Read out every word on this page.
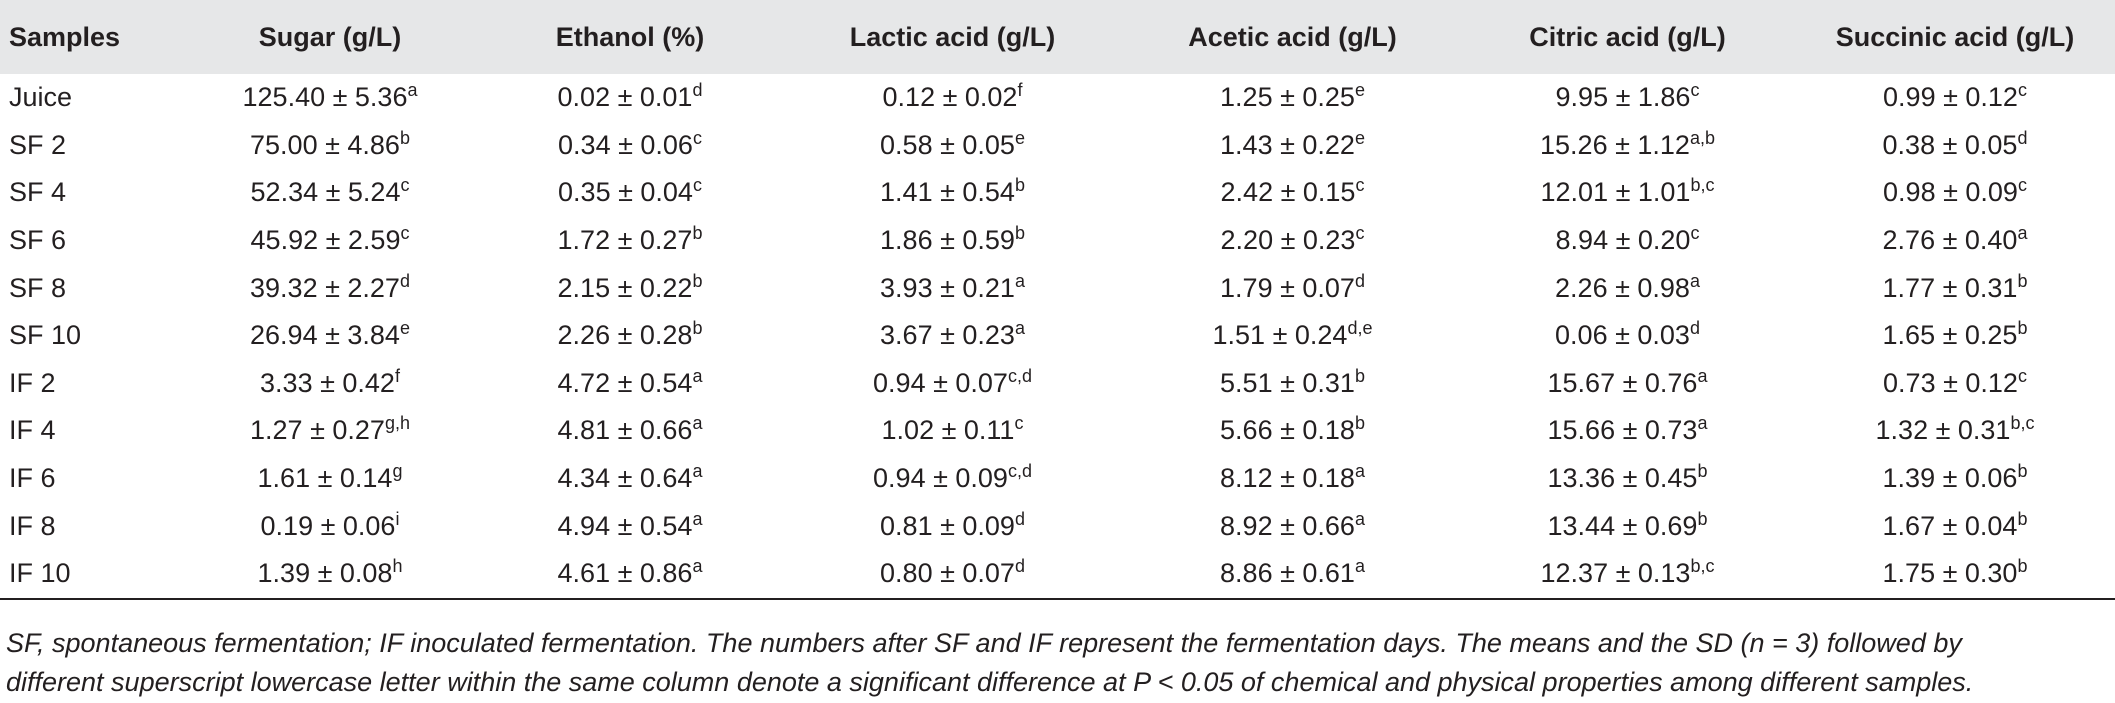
Samples	Sugar (g/L)	Ethanol (%)	Lactic acid (g/L)	Acetic acid (g/L)	Citric acid (g/L)	Succinic acid (g/L)
Juice	125.40 ± 5.36$^a$	0.02 ± 0.01$^d$	0.12 ± 0.02$^f$	1.25 ± 0.25$^e$	9.95 ± 1.86$^c$	0.99 ± 0.12$^c$
SF 2	75.00 ± 4.86$^b$	0.34 ± 0.06$^c$	0.58 ± 0.05$^e$	1.43 ± 0.22$^e$	$15.26 \pm 1.12^{a,b}$	0.38 ± 0.05$^d$
SF 4	52.34 ± 5.24$^c$	0.35 ± 0.04$^c$	1.41 ± 0.54$^b$	2.42 ± 0.15$^c$	$12.01 \pm 1.01^{b,c}$	0.98 ± 0.09$^c$
SF 6	45.92 ± 2.59$^c$	1.72 ± 0.27$^b$	1.86 ± 0.59$^b$	2.20 ± 0.23$^c$	8.94 ± 0.20$^c$	2.76 ± 0.40$^a$
SF 8	39.32 ± 2.27$^d$	2.15 ± 0.22$^b$	3.93 ± 0.21$^a$	1.79 ± 0.07$^d$	2.26 ± 0.98$^a$	1.77 ± 0.31$^b$
SF 10	26.94 ± 3.84$^e$	2.26 ± 0.28$^b$	3.67 ± 0.23$^a$	$1.51 \pm 0.24^{d,e}$	0.06 ± 0.03$^d$	1.65 ± 0.25$^b$
IF 2	3.33 ± 0.42$^f$	4.72 ± 0.54$^a$	$0.94 \pm 0.07^{c,d}$	5.51 ± 0.31$^b$	15.67 ± 0.76$^a$	0.73 ± 0.12$^c$
IF 4	$1.27 \pm 0.27^{g,h}$	4.81 ± 0.66$^a$	1.02 ± 0.11$^c$	5.66 ± 0.18$^b$	15.66 ± 0.73$^a$	$1.32 \pm 0.31^{b,c}$
IF 6	1.61 ± 0.14$^g$	4.34 ± 0.64$^a$	$0.94 \pm 0.09^{c,d}$	8.12 ± 0.18$^a$	13.36 ± 0.45$^b$	1.39 ± 0.06$^b$
IF 8	$0.19 \pm 0.06^i$	4.94 ± 0.54$^a$	0.81 ± 0.09$^d$	8.92 ± 0.66$^a$	13.44 ± 0.69$^b$	1.67 ± 0.04$^b$
IF 10	1.39 ± 0.08$^h$	4.61 ± 0.86$^a$	0.80 ± 0.07$^d$	8.86 ± 0.61$^a$	$12.37 \pm 0.13^{b,c}$	1.75 ± 0.30$^b$
SF, spontaneous fermentation; IF inoculated fermentation. The numbers after SF and IF represent the fermentation days. The means and the SD (n = 3) followed by
different superscript lowercase letter within the same column denote a significant difference at P < 0.05 of chemical and physical properties among different samples.
